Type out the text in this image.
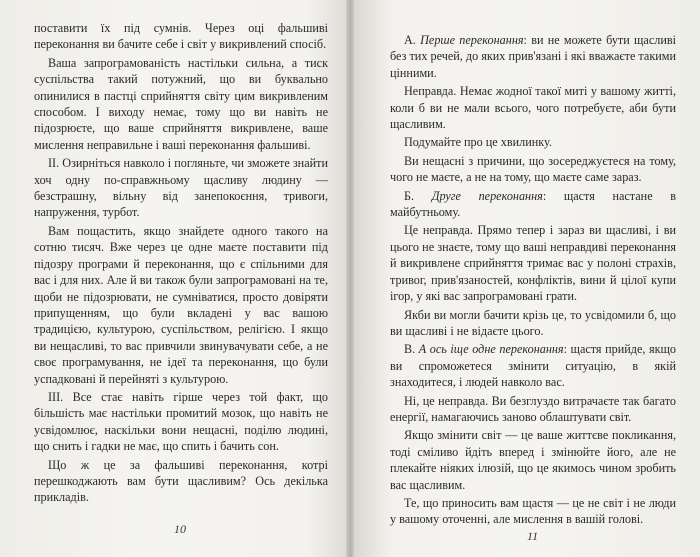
поставити їх під сумнів. Через оці фальшиві переконання ви бачите себе і світ у викривлений спосіб.

Ваша запрограмованість настільки сильна, а тиск суспільства такий потужний, що ви буквально опинилися в пастці сприйняття світу цим викривленим способом. І виходу немає, тому що ви навіть не підозрюєте, що ваше сприйняття викривлене, ваше мислення неправильне і ваші переконання фальшиві.

II. Озирніться навколо і погляньте, чи зможете знайти хоч одну по-справжньому щасливу людину — безстрашну, вільну від занепокоєння, тривоги, напруження, турбот.

Вам пощастить, якщо знайдете одного такого на сотню тисяч. Вже через це одне маєте поставити під підозру програми й переконання, що є спільними для вас і для них. Але й ви також були запрограмовані на те, щоби не підозрювати, не сумніватися, просто довіряти припущенням, що були вкладені у вас вашою традицією, культурою, суспільством, релігією. І якщо ви нещасливі, то вас привчили звинувачувати себе, а не своє програмування, не ідеї та переконання, що були успадковані й перейняті з культурою.

III. Все стає навіть гірше через той факт, що більшість має настільки промитий мозок, що навіть не усвідомлює, наскільки вони нещасні, поділю людині, що снить і гадки не має, що спить і бачить сон.

Що ж це за фальшиві переконання, котрі перешкоджають вам бути щасливим? Ось декілька прикладів.

10

А. Перше переконання: ви не можете бути щасливі без тих речей, до яких прив'язані і які вважаєте такими цінними.

Неправда. Немає жодної такої миті у вашому житті, коли б ви не мали всього, чого потребуєте, аби бути щасливим.

Подумайте про це хвилинку.

Ви нещасні з причини, що зосереджуєтеся на тому, чого не маєте, а не на тому, що маєте саме зараз.

Б. Друге переконання: щастя настане в майбутньому.

Це неправда. Прямо тепер і зараз ви щасливі, і ви цього не знаєте, тому що ваші неправдиві переконання й викривлене сприйняття тримає вас у полоні страхів, тривог, прив'язаностей, конфліктів, вини й цілої купи ігор, у які вас запрограмовані грати.

Якби ви могли бачити крізь це, то усвідомили б, що ви щасливі і не відаєте цього.

В. А ось іще одне переконання: щастя прийде, якщо ви спроможетеся змінити ситуацію, в якій знаходитеся, і людей навколо вас.

Ні, це неправда. Ви безглуздо витрачаєте так багато енергії, намагаючись заново облаштувати світ.

Якщо змінити світ — це ваше життєве покликання, тоді сміливо йдіть вперед і змінюйте його, але не плекайте ніяких ілюзій, що це якимось чином зробить вас щасливим.

Те, що приносить вам щастя — це не світ і не люди у вашому оточенні, але мислення в вашій голові.

11
